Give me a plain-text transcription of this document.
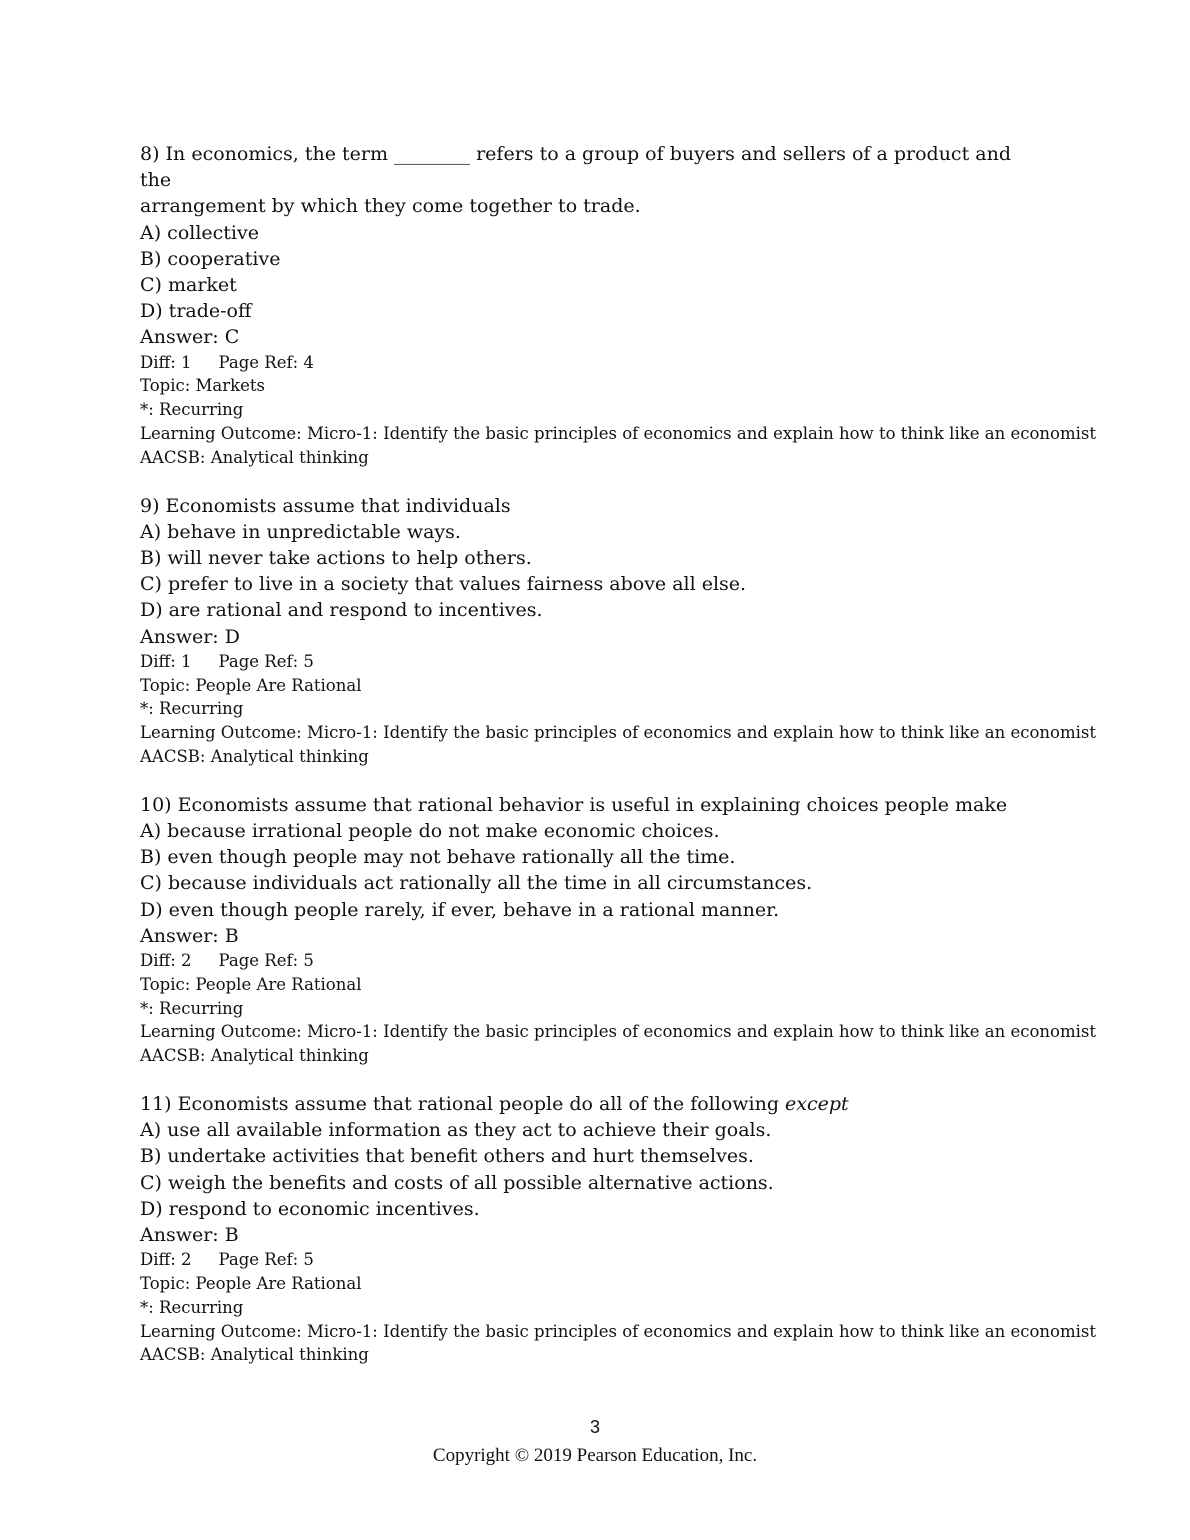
8) In economics, the term ________ refers to a group of buyers and sellers of a product and the
arrangement by which they come together to trade.
A) collective
B) cooperative
C) market
D) trade-off
Answer: C
Diff: 1 Page Ref: 4
Topic: Markets
*: Recurring
Learning Outcome: Micro-1: Identify the basic principles of economics and explain how to think like an economist
AACSB: Analytical thinking
9) Economists assume that individuals
A) behave in unpredictable ways.
B) will never take actions to help others.
C) prefer to live in a society that values fairness above all else.
D) are rational and respond to incentives.
Answer: D
Diff: 1 Page Ref: 5
Topic: People Are Rational
*: Recurring
Learning Outcome: Micro-1: Identify the basic principles of economics and explain how to think like an economist
AACSB: Analytical thinking
10) Economists assume that rational behavior is useful in explaining choices people make
A) because irrational people do not make economic choices.
B) even though people may not behave rationally all the time.
C) because individuals act rationally all the time in all circumstances.
D) even though people rarely, if ever, behave in a rational manner.
Answer: B
Diff: 2 Page Ref: 5
Topic: People Are Rational
*: Recurring
Learning Outcome: Micro-1: Identify the basic principles of economics and explain how to think like an economist
AACSB: Analytical thinking
11) Economists assume that rational people do all of the following except
A) use all available information as they act to achieve their goals.
B) undertake activities that benefit others and hurt themselves.
C) weigh the benefits and costs of all possible alternative actions.
D) respond to economic incentives.
Answer: B
Diff: 2 Page Ref: 5
Topic: People Are Rational
*: Recurring
Learning Outcome: Micro-1: Identify the basic principles of economics and explain how to think like an economist
AACSB: Analytical thinking
3
Copyright © 2019 Pearson Education, Inc.
